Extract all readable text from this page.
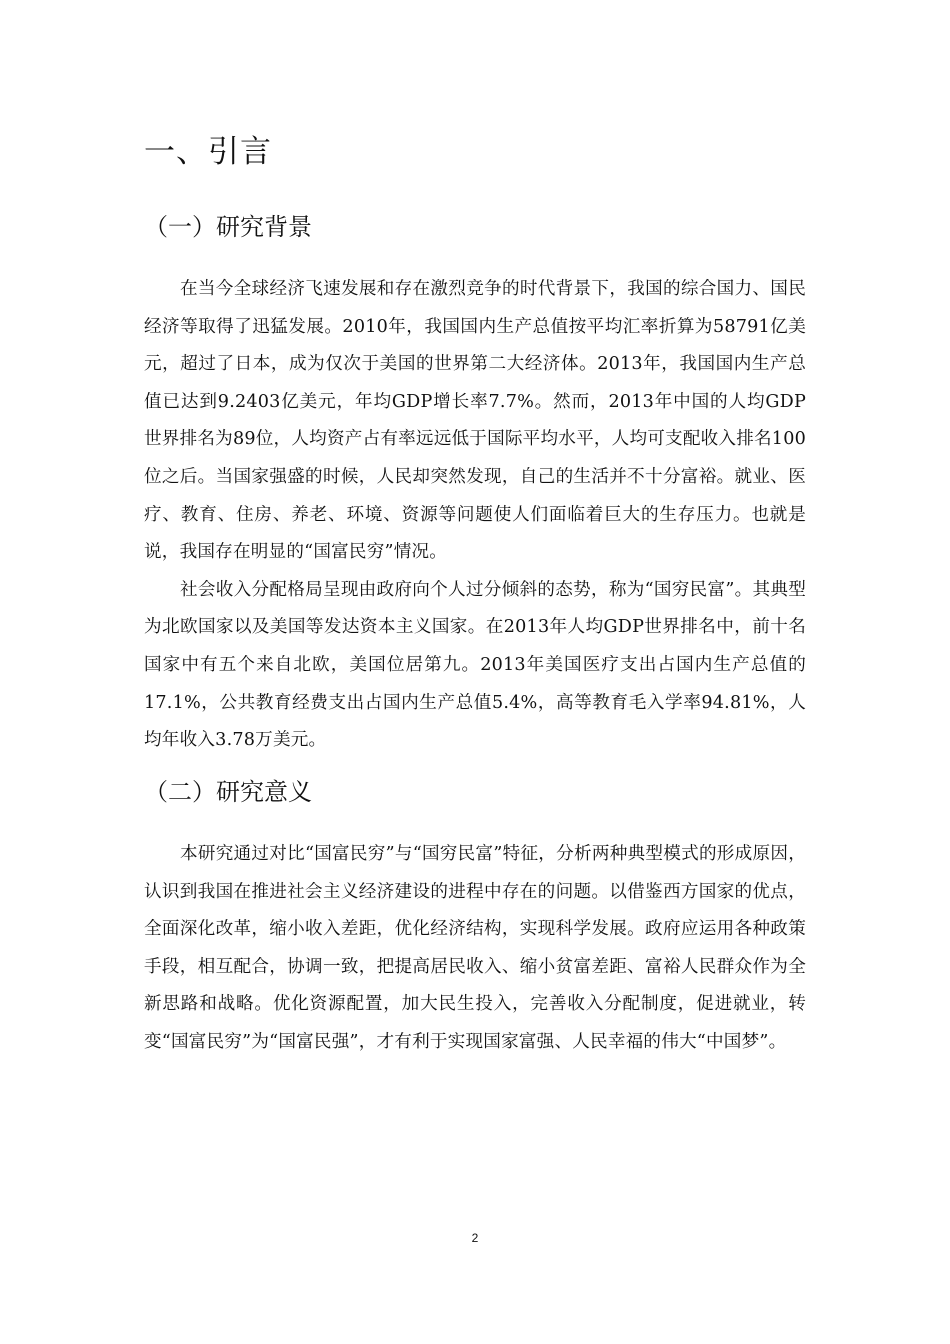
一、引言
（一）研究背景

在当今全球经济飞速发展和存在激烈竞争的时代背景下，我国的综合国力、国民经济等取得了迅猛发展。2010年，我国国内生产总值按平均汇率折算为58791亿美元，超过了日本，成为仅次于美国的世界第二大经济体。2013年，我国国内生产总值已达到9.2403亿美元，年均GDP增长率7.7%。然而，2013年中国的人均GDP世界排名为89位，人均资产占有率远远低于国际平均水平，人均可支配收入排名100位之后。当国家强盛的时候，人民却突然发现，自己的生活并不十分富裕。就业、医疗、教育、住房、养老、环境、资源等问题使人们面临着巨大的生存压力。也就是说，我国存在明显的“国富民穷”情况。

社会收入分配格局呈现由政府向个人过分倾斜的态势，称为“国穷民富”。其典型为北欧国家以及美国等发达资本主义国家。在2013年人均GDP世界排名中，前十名国家中有五个来自北欧，美国位居第九。2013年美国医疗支出占国内生产总值的17.1%，公共教育经费支出占国内生产总值5.4%，高等教育毛入学率94.81%，人均年收入3.78万美元。

（二）研究意义

本研究通过对比“国富民穷”与“国穷民富”特征，分析两种典型模式的形成原因，认识到我国在推进社会主义经济建设的进程中存在的问题。以借鉴西方国家的优点，全面深化改革，缩小收入差距，优化经济结构，实现科学发展。政府应运用各种政策手段，相互配合，协调一致，把提高居民收入、缩小贫富差距、富裕人民群众作为全新思路和战略。优化资源配置，加大民生投入，完善收入分配制度，促进就业，转变“国富民穷”为“国富民强”，才有利于实现国家富强、人民幸福的伟大“中国梦”。

2
